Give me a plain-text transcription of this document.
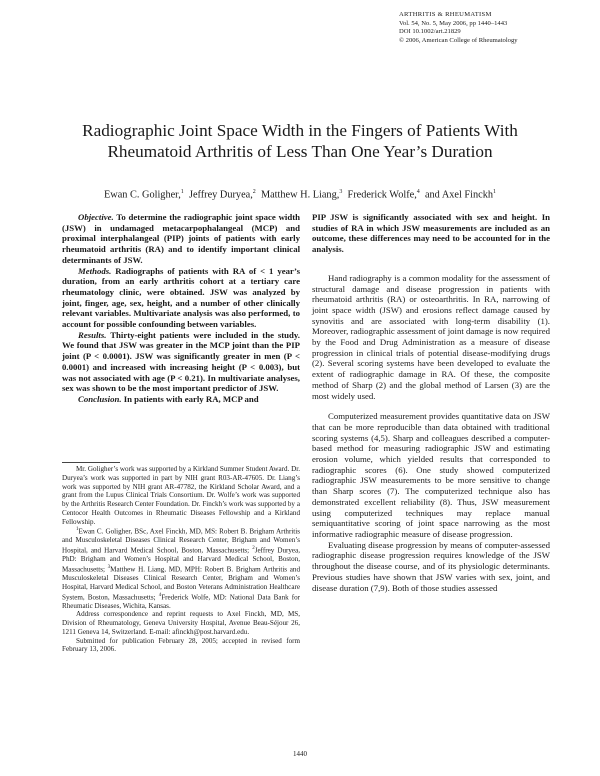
ARTHRITIS & RHEUMATISM
Vol. 54, No. 5, May 2006, pp 1440–1443
DOI 10.1002/art.21829
© 2006, American College of Rheumatology
Radiographic Joint Space Width in the Fingers of Patients With Rheumatoid Arthritis of Less Than One Year’s Duration
Ewan C. Goligher,$^1$ Jeffrey Duryea,$^2$ Matthew H. Liang,$^3$ Frederick Wolfe,$^4$ and Axel Finckh$^1$

Objective. To determine the radiographic joint space width (JSW) in undamaged metacarpophalangeal (MCP) and proximal interphalangeal (PIP) joints of patients with early rheumatoid arthritis (RA) and to identify important clinical determinants of JSW.

Methods. Radiographs of patients with RA of < 1 year’s duration, from an early arthritis cohort at a tertiary care rheumatology clinic, were obtained. JSW was analyzed by joint, finger, age, sex, height, and a number of other clinically relevant variables. Multivariate analysis was also performed, to account for possible confounding between variables.

Results. Thirty-eight patients were included in the study. We found that JSW was greater in the MCP joint than the PIP joint (P < 0.0001). JSW was significantly greater in men (P < 0.0001) and increased with increasing height (P < 0.003), but was not associated with age (P < 0.21). In multivariate analyses, sex was shown to be the most important predictor of JSW.

Conclusion. In patients with early RA, MCP and

Mr. Goligher’s work was supported by a Kirkland Summer Student Award. Dr. Duryea’s work was supported in part by NIH grant R03-AR-47605. Dr. Liang’s work was supported by NIH grant AR-47782, the Kirkland Scholar Award, and a grant from the Lupus Clinical Trials Consortium. Dr. Wolfe’s work was supported by the Arthritis Research Center Foundation. Dr. Finckh’s work was supported by a Centocor Health Outcomes in Rheumatic Diseases Fellowship and a Kirkland Fellowship.

$^1$Ewan C. Goligher, BSc, Axel Finckh, MD, MS: Robert B. Brigham Arthritis and Musculoskeletal Diseases Clinical Research Center, Brigham and Women’s Hospital, and Harvard Medical School, Boston, Massachusetts; $^2$Jeffrey Duryea, PhD: Brigham and Women’s Hospital and Harvard Medical School, Boston, Massachusetts; $^3$Matthew H. Liang, MD, MPH: Robert B. Brigham Arthritis and Musculoskeletal Diseases Clinical Research Center, Brigham and Women’s Hospital, Harvard Medical School, and Boston Veterans Administration Healthcare System, Boston, Massachusetts; $^4$Frederick Wolfe, MD: National Data Bank for Rheumatic Diseases, Wichita, Kansas.

Address correspondence and reprint requests to Axel Finckh, MD, MS, Division of Rheumatology, Geneva University Hospital, Avenue Beau-Séjour 26, 1211 Geneva 14, Switzerland. E-mail: afinckh@post.harvard.edu.

Submitted for publication February 28, 2005; accepted in revised form February 13, 2006.

PIP JSW is significantly associated with sex and height. In studies of RA in which JSW measurements are included as an outcome, these differences may need to be accounted for in the analysis.

Hand radiography is a common modality for the assessment of structural damage and disease progression in patients with rheumatoid arthritis (RA) or osteoarthritis. In RA, narrowing of joint space width (JSW) and erosions reflect damage caused by synovitis and are associated with long-term disability (1). Moreover, radiographic assessment of joint damage is now required by the Food and Drug Administration as a measure of disease progression in clinical trials of potential disease-modifying drugs (2). Several scoring systems have been developed to evaluate the extent of radiographic damage in RA. Of these, the composite method of Sharp (2) and the global method of Larsen (3) are the most widely used.

Computerized measurement provides quantitative data on JSW that can be more reproducible than data obtained with traditional scoring systems (4,5). Sharp and colleagues described a computer-based method for measuring radiographic JSW and estimating erosion volume, which yielded results that corresponded to radiographic scores (6). One study showed computerized radiographic JSW measurements to be more sensitive to change than Sharp scores (7). The computerized technique also has demonstrated excellent reliability (8). Thus, JSW measurement using computerized techniques may replace manual semiquantitative scoring of joint space narrowing as the most informative radiographic measure of disease progression.

Evaluating disease progression by means of computer-assessed radiographic disease progression requires knowledge of the JSW throughout the disease course, and of its physiologic determinants. Previous studies have shown that JSW varies with sex, joint, and disease duration (7,9). Both of those studies assessed

1440
